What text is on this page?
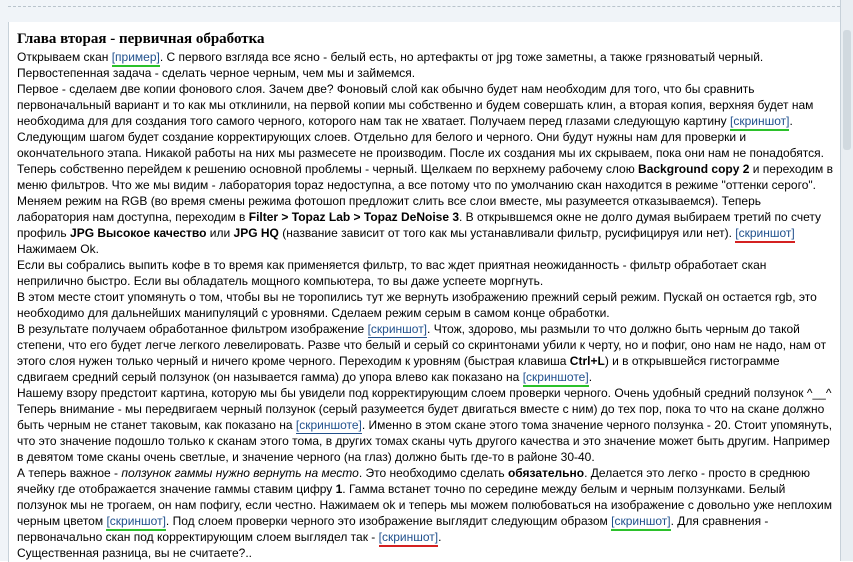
Глава вторая - первичная обработка

Открываем скан [пример]. С первого взгляда все ясно - белый есть, но артефакты от jpg тоже заметны, а также грязноватый черный.
Первостепенная задача - сделать черное черным, чем мы и займемся.

Первое - сделаем две копии фонового слоя. Зачем две? Фоновый слой как обычно будет нам необходим для того, что бы сравнить первоначальный вариант и то как мы отклинили, на первой копии мы собственно и будем совершать клин, а вторая копия, верхняя будет нам необходима для для создания того самого черного, которого нам так не хватает. Получаем перед глазами следующую картину [скриншот]. Следующим шагом будет создание корректирующих слоев. Отдельно для белого и черного. Они будут нужны нам для проверки и окончательного этапа. Никакой работы на них мы размесете не производим. После их создания мы их скрываем, пока они нам не понадобятся.

Теперь собственно перейдем к решению основной проблемы - черный. Щелкаем по верхнему рабочему слою Background copy 2 и переходим в меню фильтров. Что же мы видим - лаборатория topaz недоступна, а все потому что по умолчанию скан находится в режиме "оттенки серого". Меняем режим на RGB (во время смены режима фотошоп предложит слить все слои вместе, мы разумеется отказываемся). Теперь лаборатория нам доступна, переходим в Filter > Topaz Lab > Topaz DeNoise 3. В открывшемся окне не долго думая выбираем третий по счету профиль JPG Высокое качество или JPG HQ (название зависит от того как мы устанавливали фильтр, русифицируя или нет). [скриншот]
Нажимаем Ok.

Если вы собрались выпить кофе в то время как применяется фильтр, то вас ждет приятная неожиданность - фильтр обработает скан неприлично быстро. Если вы обладатель мощного компьютера, то вы даже успеете моргнуть.
В этом месте стоит упомянуть о том, чтобы вы не торопились тут же вернуть изображению прежний серый режим. Пускай он остается rgb, это необходимо для дальнейших манипуляций с уровнями. Сделаем режим серым в самом конце обработки.

В результате получаем обработанное фильтром изображение [скриншот]. Чтож, здорово, мы размыли то что должно быть черным до такой степени, что его будет легче легкого левелировать. Разве что белый и серый со скринтонами убили к черту, но и пофиг, оно нам не надо, нам от этого слоя нужен только черный и ничего кроме черного. Переходим к уровням (быстрая клавиша Ctrl+L) и в открывшейся гистограмме сдвигаем средний серый ползунок (он называется гамма) до упора влево как показано на [скриншоте].
Нашему взору предстоит картина, которую мы бы увидели под корректирующим слоем проверки черного. Очень удобный средний ползунок ^__^

Теперь внимание - мы передвигаем черный ползунок (серый разумеется будет двигаться вместе с ним) до тех пор, пока то что на скане должно быть черным не станет таковым, как показано на [скриншоте]. Именно в этом скане этого тома значение черного ползунка - 20. Стоит упомянуть, что это значение подошло только к сканам этого тома, в других томах сканы чуть другого качества и это значение может быть другим. Например в девятом томе сканы очень светлые, и значение черного (на глаз) должно быть где-то в районе 30-40.

А теперь важное - ползунок гаммы нужно вернуть на место. Это необходимо сделать обязательно. Делается это легко - просто в среднюю ячейку где отображается значение гаммы ставим цифру 1. Гамма встанет точно по середине между белым и черным ползунками. Белый ползунок мы не трогаем, он нам пофигу, если честно. Нажимаем ok и теперь мы можем полюбоваться на изображение с довольно уже неплохим черным цветом [скриншот]. Под слоем проверки черного это изображение выглядит следующим образом [скриншот]. Для сравнения - первоначально скан под корректирующим слоем выглядел так - [скриншот].
Существенная разница, вы не считаете?..
